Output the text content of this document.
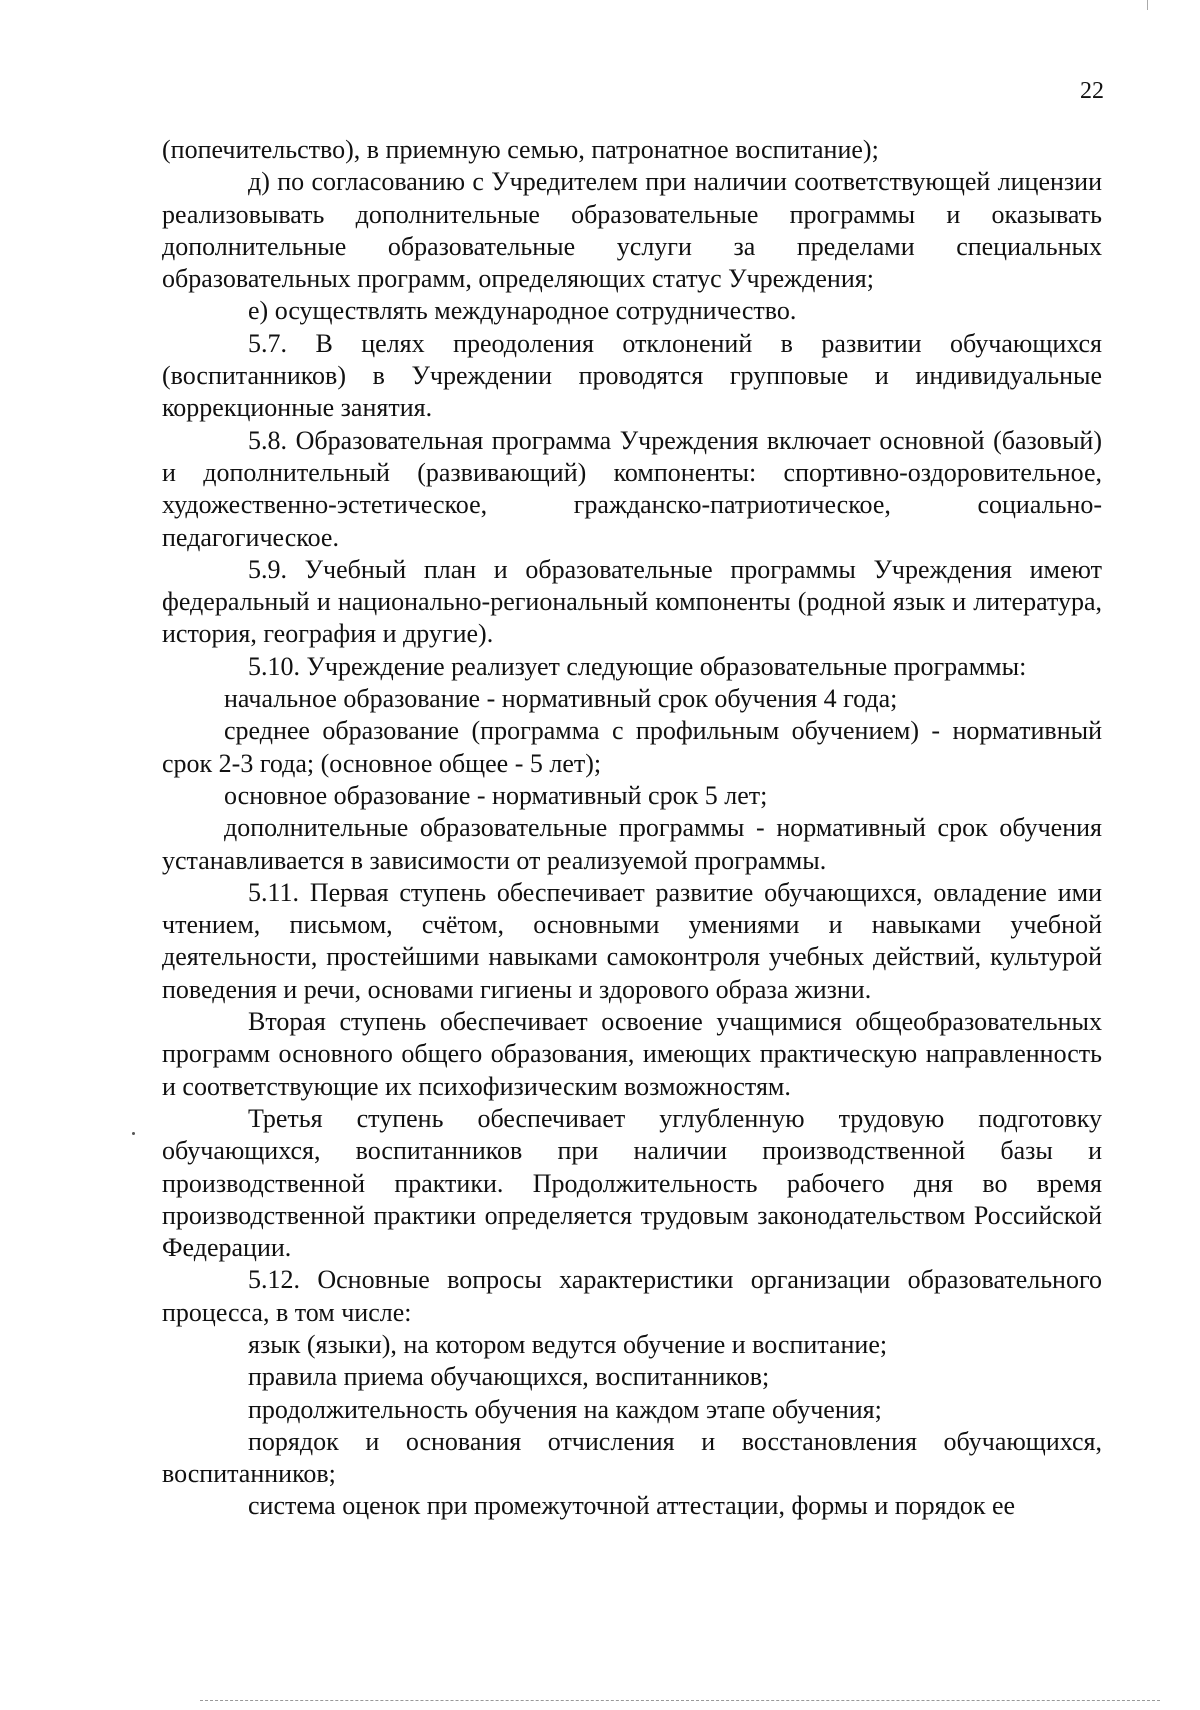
22

(попечительство), в приемную семью, патронатное воспитание);

д) по согласованию с Учредителем при наличии соответствующей лицензии реализовывать дополнительные образовательные программы и оказывать дополнительные образовательные услуги за пределами специальных образовательных программ, определяющих статус Учреждения;

е) осуществлять международное сотрудничество.

5.7. В целях преодоления отклонений в развитии обучающихся (воспитанников) в Учреждении проводятся групповые и индивидуальные коррекционные занятия.

5.8. Образовательная программа Учреждения включает основной (базовый) и дополнительный (развивающий) компоненты: спортивно-оздоровительное, художественно-эстетическое, гражданско-патриотическое, социально-педагогическое.

5.9. Учебный план и образовательные программы Учреждения имеют федеральный и национально-региональный компоненты (родной язык и литература, история, география и другие).

5.10. Учреждение реализует следующие образовательные программы:

начальное образование - нормативный срок обучения 4 года;

среднее образование (программа с профильным обучением) - нормативный срок 2-3 года; (основное общее - 5 лет);

основное образование - нормативный срок 5 лет;

дополнительные образовательные программы - нормативный срок обучения устанавливается в зависимости от реализуемой программы.

5.11. Первая ступень обеспечивает развитие обучающихся, овладение ими чтением, письмом, счётом, основными умениями и навыками учебной деятельности, простейшими навыками самоконтроля учебных действий, культурой поведения и речи, основами гигиены и здорового образа жизни.

Вторая ступень обеспечивает освоение учащимися общеобразовательных программ основного общего образования, имеющих практическую направленность и соответствующие их психофизическим возможностям.

Третья ступень обеспечивает углубленную трудовую подготовку обучающихся, воспитанников при наличии производственной базы и производственной практики. Продолжительность рабочего дня во время производственной практики определяется трудовым законодательством Российской Федерации.

5.12. Основные вопросы характеристики организации образовательного процесса, в том числе:

язык (языки), на котором ведутся обучение и воспитание;

правила приема обучающихся, воспитанников;

продолжительность обучения на каждом этапе обучения;

порядок и основания отчисления и восстановления обучающихся, воспитанников;

система оценок при промежуточной аттестации, формы и порядок ее
